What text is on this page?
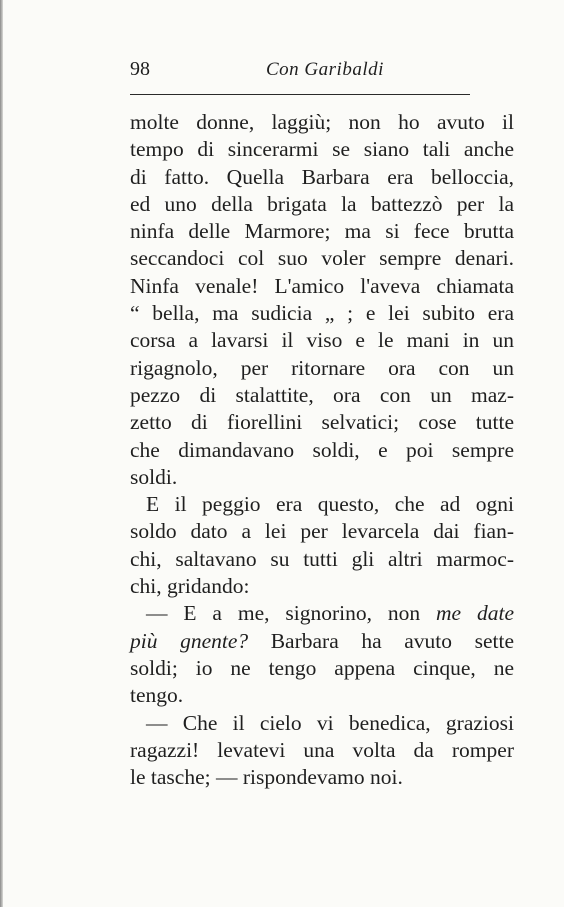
98	Con Garibaldi
molte donne, laggiù; non ho avuto il
tempo di sincerarmi se siano tali anche
di fatto. Quella Barbara era belloccia,
ed uno della brigata la battezzò per la
ninfa delle Marmore; ma si fece brutta
seccandoci col suo voler sempre denari.
Ninfa venale! L'amico l'aveva chiamata
“ bella, ma sudicia „ ; e lei subito era
corsa a lavarsi il viso e le mani in un
rigagnolo, per ritornare ora con un
pezzo di stalattite, ora con un maz-
zetto di fiorellini selvatici; cose tutte
che dimandavano soldi, e poi sempre
soldi.
E il peggio era questo, che ad ogni
soldo dato a lei per levarcela dai fian-
chi, saltavano su tutti gli altri marmoc-
chi, gridando:
— E a me, signorino, non me date
più gnente? Barbara ha avuto sette
soldi; io ne tengo appena cinque, ne
tengo.
— Che il cielo vi benedica, graziosi
ragazzi! levatevi una volta da romper
le tasche; — rispondevamo noi.
